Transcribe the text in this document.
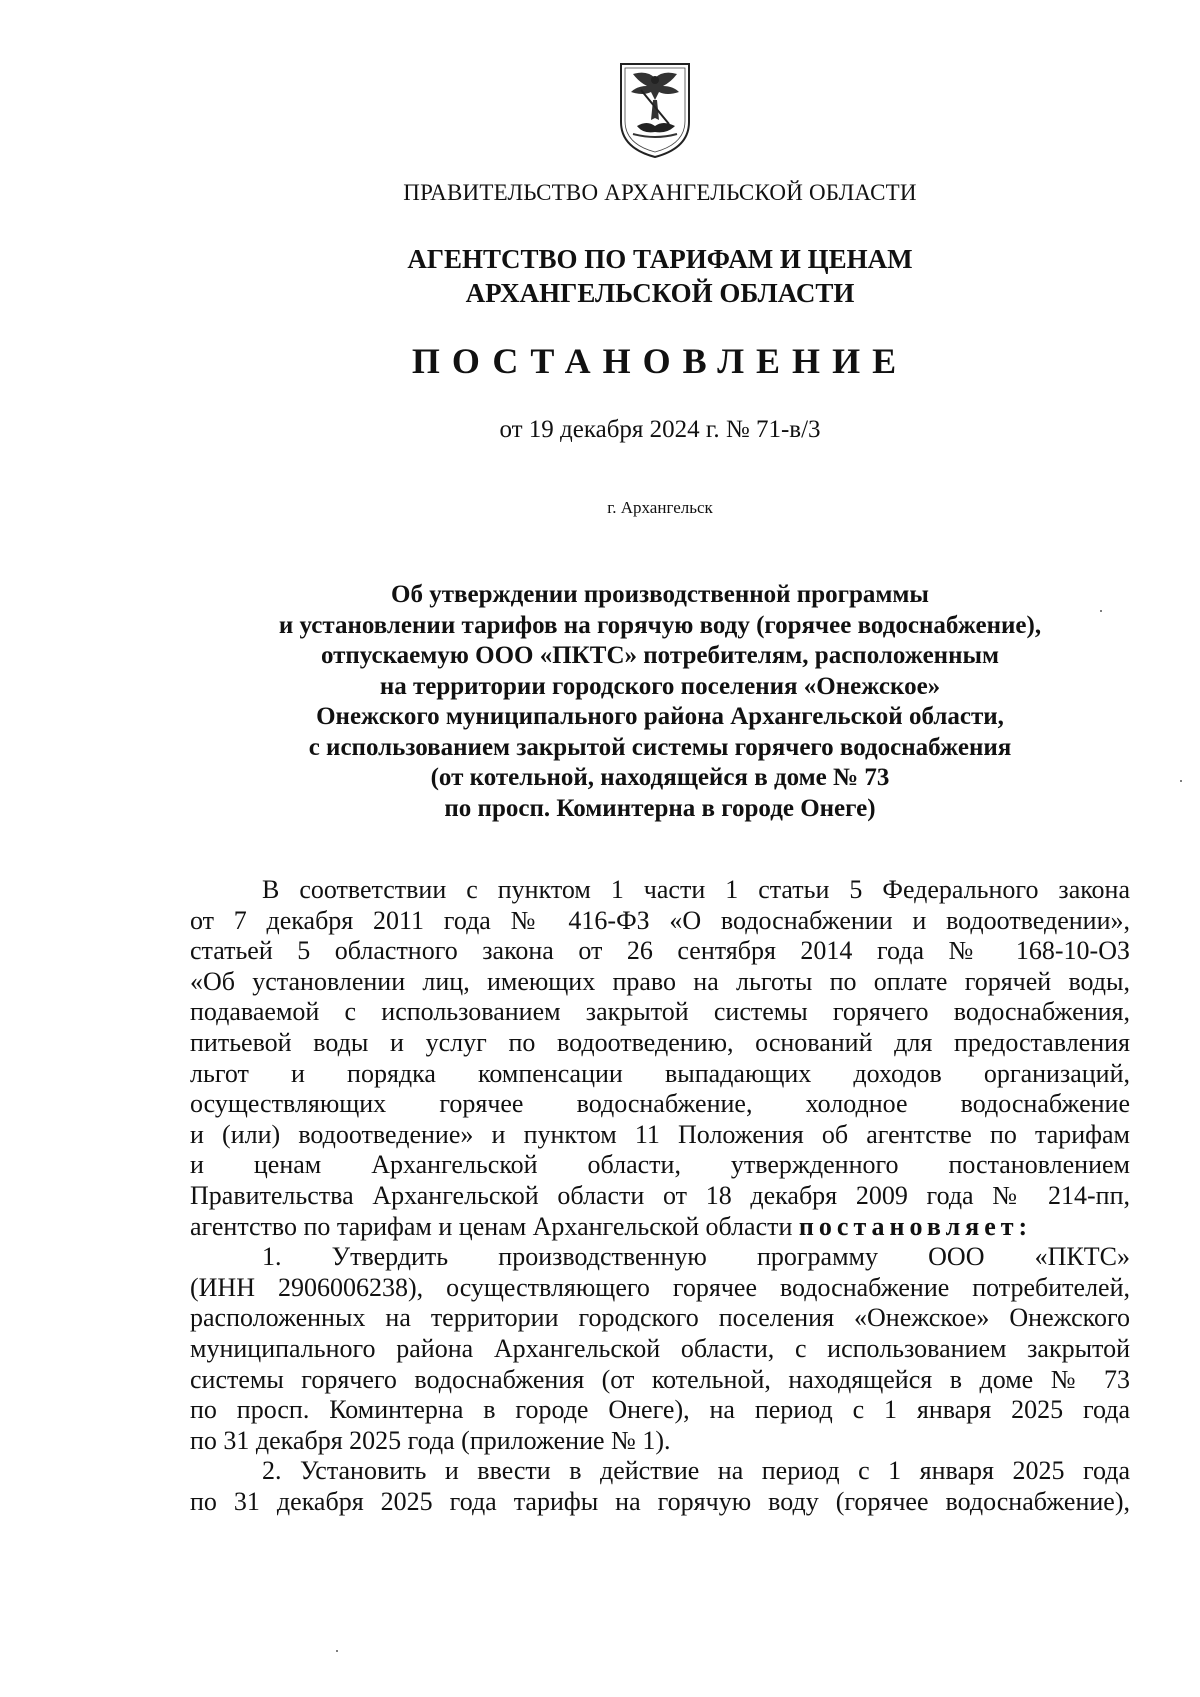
ПРАВИТЕЛЬСТВО АРХАНГЕЛЬСКОЙ ОБЛАСТИ
АГЕНТСТВО ПО ТАРИФАМ И ЦЕНАМ
АРХАНГЕЛЬСКОЙ ОБЛАСТИ
ПОСТАНОВЛЕНИЕ
от 19 декабря 2024 г. № 71-в/3
г. Архангельск
Об утверждении производственной программы
и установлении тарифов на горячую воду (горячее водоснабжение),
отпускаемую ООО «ПКТС» потребителям, расположенным
на территории городского поселения «Онежское»
Онежского муниципального района Архангельской области,
с использованием закрытой системы горячего водоснабжения
(от котельной, находящейся в доме № 73
по просп. Коминтерна в городе Онеге)
В соответствии с пунктом 1 части 1 статьи 5 Федерального закона
от 7 декабря 2011 года № 416-ФЗ «О водоснабжении и водоотведении»,
статьей 5 областного закона от 26 сентября 2014 года № 168-10-ОЗ
«Об установлении лиц, имеющих право на льготы по оплате горячей воды,
подаваемой с использованием закрытой системы горячего водоснабжения,
питьевой воды и услуг по водоотведению, оснований для предоставления
льгот и порядка компенсации выпадающих доходов организаций,
осуществляющих горячее водоснабжение, холодное водоснабжение
и (или) водоотведение» и пунктом 11 Положения об агентстве по тарифам
и ценам Архангельской области, утвержденного постановлением
Правительства Архангельской области от 18 декабря 2009 года № 214-пп,
агентство по тарифам и ценам Архангельской области постановляет:
1. Утвердить производственную программу ООО «ПКТС»
(ИНН 2906006238), осуществляющего горячее водоснабжение потребителей,
расположенных на территории городского поселения «Онежское» Онежского
муниципального района Архангельской области, с использованием закрытой
системы горячего водоснабжения (от котельной, находящейся в доме № 73
по просп. Коминтерна в городе Онеге), на период с 1 января 2025 года
по 31 декабря 2025 года (приложение № 1).
2. Установить и ввести в действие на период с 1 января 2025 года
по 31 декабря 2025 года тарифы на горячую воду (горячее водоснабжение),
